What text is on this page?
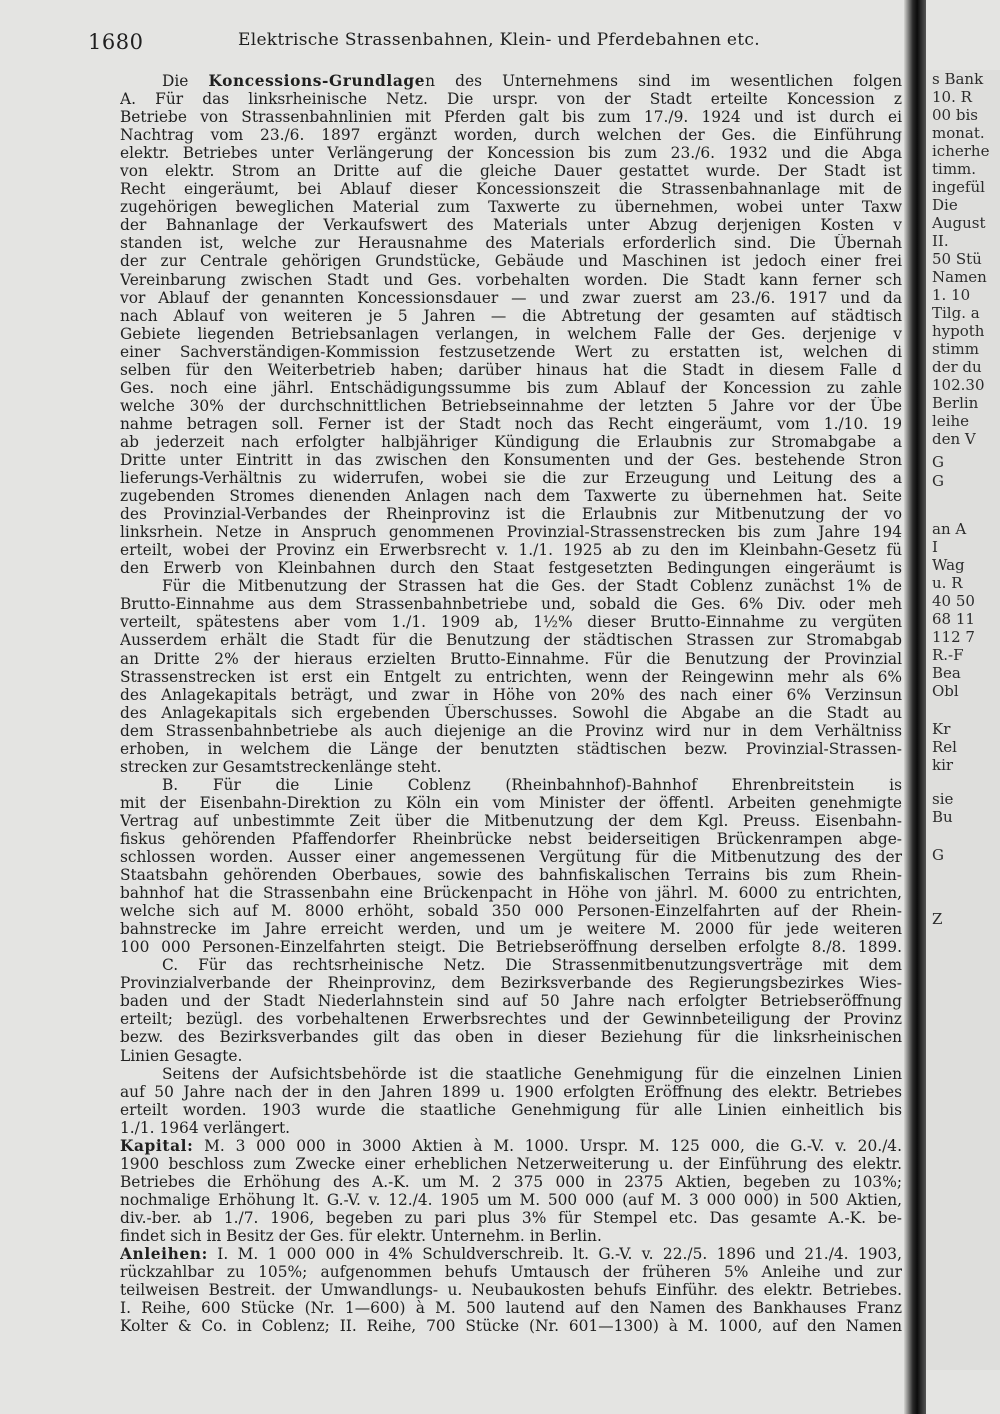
1680	Elektrische Strassenbahnen, Klein- und Pferdebahnen etc.
Die Koncessions-Grundlagen des Unternehmens sind im wesentlichen folgen
A. Für das linksrheinische Netz. Die urspr. von der Stadt erteilte Koncession z
Betriebe von Strassenbahnlinien mit Pferden galt bis zum 17./9. 1924 und ist durch ei
Nachtrag vom 23./6. 1897 ergänzt worden, durch welchen der Ges. die Einführung
elektr. Betriebes unter Verlängerung der Koncession bis zum 23./6. 1932 und die Abga
von elektr. Strom an Dritte auf die gleiche Dauer gestattet wurde. Der Stadt ist
Recht eingeräumt, bei Ablauf dieser Koncessionszeit die Strassenbahnanlage mit de
zugehörigen beweglichen Material zum Taxwerte zu übernehmen, wobei unter Taxw
der Bahnanlage der Verkaufswert des Materials unter Abzug derjenigen Kosten v
standen ist, welche zur Herausnahme des Materials erforderlich sind. Die Übernah
der zur Centrale gehörigen Grundstücke, Gebäude und Maschinen ist jedoch einer frei
Vereinbarung zwischen Stadt und Ges. vorbehalten worden. Die Stadt kann ferner sch
vor Ablauf der genannten Koncessionsdauer — und zwar zuerst am 23./6. 1917 und da
nach Ablauf von weiteren je 5 Jahren — die Abtretung der gesamten auf städtisch
Gebiete liegenden Betriebsanlagen verlangen, in welchem Falle der Ges. derjenige v
einer Sachverständigen-Kommission festzusetzende Wert zu erstatten ist, welchen di
selben für den Weiterbetrieb haben; darüber hinaus hat die Stadt in diesem Falle d
Ges. noch eine jährl. Entschädigungssumme bis zum Ablauf der Koncession zu zahle
welche 30% der durchschnittlichen Betriebseinnahme der letzten 5 Jahre vor der Übe
nahme betragen soll. Ferner ist der Stadt noch das Recht eingeräumt, vom 1./10. 19
ab jederzeit nach erfolgter halbjähriger Kündigung die Erlaubnis zur Stromabgabe a
Dritte unter Eintritt in das zwischen den Konsumenten und der Ges. bestehende Stron
lieferungs-Verhältnis zu widerrufen, wobei sie die zur Erzeugung und Leitung des a
zugebenden Stromes dienenden Anlagen nach dem Taxwerte zu übernehmen hat. Seite
des Provinzial-Verbandes der Rheinprovinz ist die Erlaubnis zur Mitbenutzung der vo
linksrhein. Netze in Anspruch genommenen Provinzial-Strassenstrecken bis zum Jahre 194
erteilt, wobei der Provinz ein Erwerbsrecht v. 1./1. 1925 ab zu den im Kleinbahn-Gesetz fü
den Erwerb von Kleinbahnen durch den Staat festgesetzten Bedingungen eingeräumt is
Für die Mitbenutzung der Strassen hat die Ges. der Stadt Coblenz zunächst 1% de
Brutto-Einnahme aus dem Strassenbahnbetriebe und, sobald die Ges. 6% Div. oder meh
verteilt, spätestens aber vom 1./1. 1909 ab, 1½% dieser Brutto-Einnahme zu vergüten
Ausserdem erhält die Stadt für die Benutzung der städtischen Strassen zur Stromabgab
an Dritte 2% der hieraus erzielten Brutto-Einnahme. Für die Benutzung der Provinzial
Strassenstrecken ist erst ein Entgelt zu entrichten, wenn der Reingewinn mehr als 6%
des Anlagekapitals beträgt, und zwar in Höhe von 20% des nach einer 6% Verzinsun
des Anlagekapitals sich ergebenden Überschusses. Sowohl die Abgabe an die Stadt au
dem Strassenbahnbetriebe als auch diejenige an die Provinz wird nur in dem Verhältniss
erhoben, in welchem die Länge der benutzten städtischen bezw. Provinzial-Strassen-
strecken zur Gesamtstreckenlänge steht.
B. Für die Linie Coblenz (Rheinbahnhof)-Bahnhof Ehrenbreitstein is
mit der Eisenbahn-Direktion zu Köln ein vom Minister der öffentl. Arbeiten genehmigte
Vertrag auf unbestimmte Zeit über die Mitbenutzung der dem Kgl. Preuss. Eisenbahn-
fiskus gehörenden Pfaffendorfer Rheinbrücke nebst beiderseitigen Brückenrampen abge-
schlossen worden. Ausser einer angemessenen Vergütung für die Mitbenutzung des der
Staatsbahn gehörenden Oberbaues, sowie des bahnfiskalischen Terrains bis zum Rhein-
bahnhof hat die Strassenbahn eine Brückenpacht in Höhe von jährl. M. 6000 zu entrichten,
welche sich auf M. 8000 erhöht, sobald 350 000 Personen-Einzelfahrten auf der Rhein-
bahnstrecke im Jahre erreicht werden, und um je weitere M. 2000 für jede weiteren
100 000 Personen-Einzelfahrten steigt. Die Betriebseröffnung derselben erfolgte 8./8. 1899.
C. Für das rechtsrheinische Netz. Die Strassenmitbenutzungsverträge mit dem
Provinzialverbande der Rheinprovinz, dem Bezirksverbande des Regierungsbezirkes Wies-
baden und der Stadt Niederlahnstein sind auf 50 Jahre nach erfolgter Betriebseröffnung
erteilt; bezügl. des vorbehaltenen Erwerbsrechtes und der Gewinnbeteiligung der Provinz
bezw. des Bezirksverbandes gilt das oben in dieser Beziehung für die linksrheinischen
Linien Gesagte.
Seitens der Aufsichtsbehörde ist die staatliche Genehmigung für die einzelnen Linien
auf 50 Jahre nach der in den Jahren 1899 u. 1900 erfolgten Eröffnung des elektr. Betriebes
erteilt worden. 1903 wurde die staatliche Genehmigung für alle Linien einheitlich bis
1./1. 1964 verlängert.
Kapital: M. 3 000 000 in 3000 Aktien à M. 1000. Urspr. M. 125 000, die G.-V. v. 20./4.
1900 beschloss zum Zwecke einer erheblichen Netzerweiterung u. der Einführung des elektr.
Betriebes die Erhöhung des A.-K. um M. 2 375 000 in 2375 Aktien, begeben zu 103%;
nochmalige Erhöhung lt. G.-V. v. 12./4. 1905 um M. 500 000 (auf M. 3 000 000) in 500 Aktien,
div.-ber. ab 1./7. 1906, begeben zu pari plus 3% für Stempel etc. Das gesamte A.-K. be-
findet sich in Besitz der Ges. für elektr. Unternehm. in Berlin.
Anleihen: I. M. 1 000 000 in 4% Schuldverschreib. lt. G.-V. v. 22./5. 1896 und 21./4. 1903,
rückzahlbar zu 105%; aufgenommen behufs Umtausch der früheren 5% Anleihe und zur
teilweisen Bestreit. der Umwandlungs- u. Neubaukosten behufs Einführ. des elektr. Betriebes.
I. Reihe, 600 Stücke (Nr. 1—600) à M. 500 lautend auf den Namen des Bankhauses Franz
Kolter & Co. in Coblenz; II. Reihe, 700 Stücke (Nr. 601—1300) à M. 1000, auf den Namen
s Bank
10. R
00 bis
monat.
icherhe
timm.
ingefül
Die
August
II.
50 Stü
Namen
1. 10
Tilg. a
hypoth
stimm
der du
102.30
Berlin
leihe
den V
G
G
an A
I
Wag
u. R
40 50
68 11
112 7
R.-F
Bea
Obl
Kr
Rel
kir
sie
Bu
G
Z
